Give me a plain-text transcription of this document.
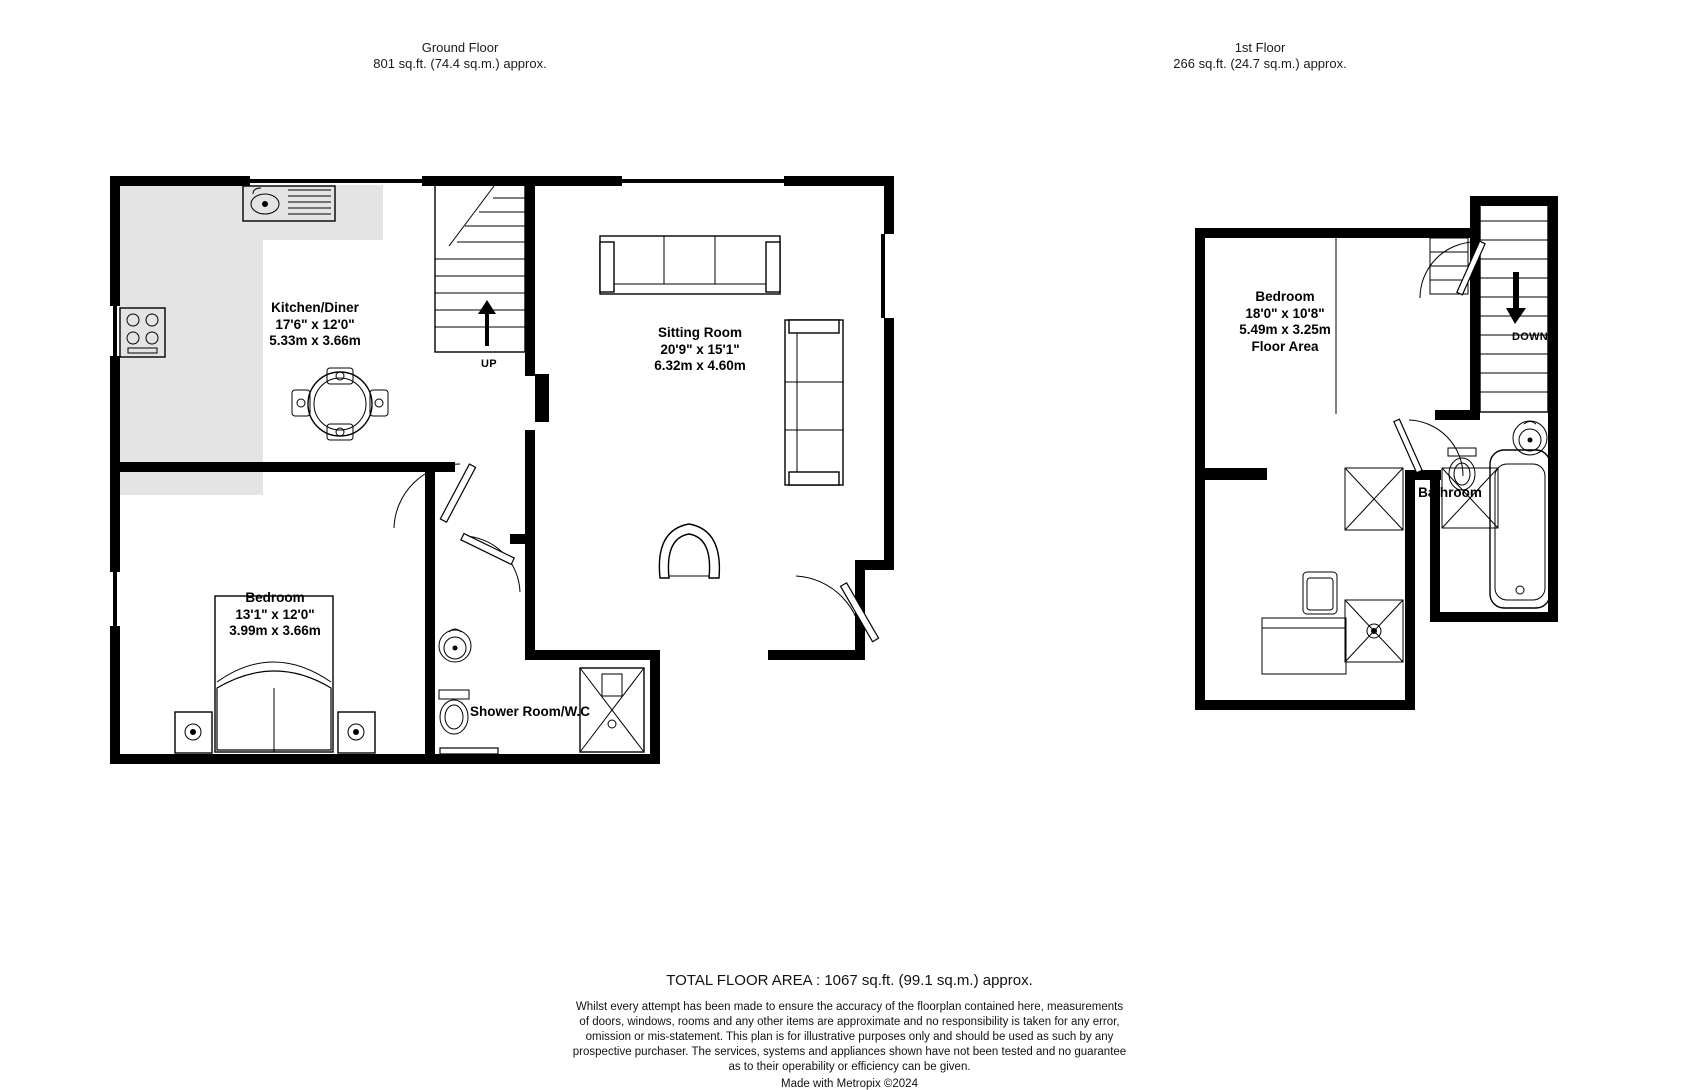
Ground Floor
801 sq.ft. (74.4 sq.m.) approx.
1st Floor
266 sq.ft. (24.7 sq.m.) approx.
UP
Kitchen/Diner
17'6" x 12'0"
5.33m x 3.66m
Sitting Room
20'9" x 15'1"
6.32m x 4.60m
Bedroom
13'1" x 12'0"
3.99m x 3.66m
Shower Room/W.C
DOWN
Bedroom
18'0" x 10'8"
5.49m x 3.25m
Floor Area
Bathroom
TOTAL FLOOR AREA : 1067 sq.ft. (99.1 sq.m.) approx.
Whilst every attempt has been made to ensure the accuracy of the floorplan contained here, measurements
of doors, windows, rooms and any other items are approximate and no responsibility is taken for any error,
omission or mis-statement. This plan is for illustrative purposes only and should be used as such by any
prospective purchaser. The services, systems and appliances shown have not been tested and no guarantee
as to their operability or efficiency can be given.
Made with Metropix ©2024
